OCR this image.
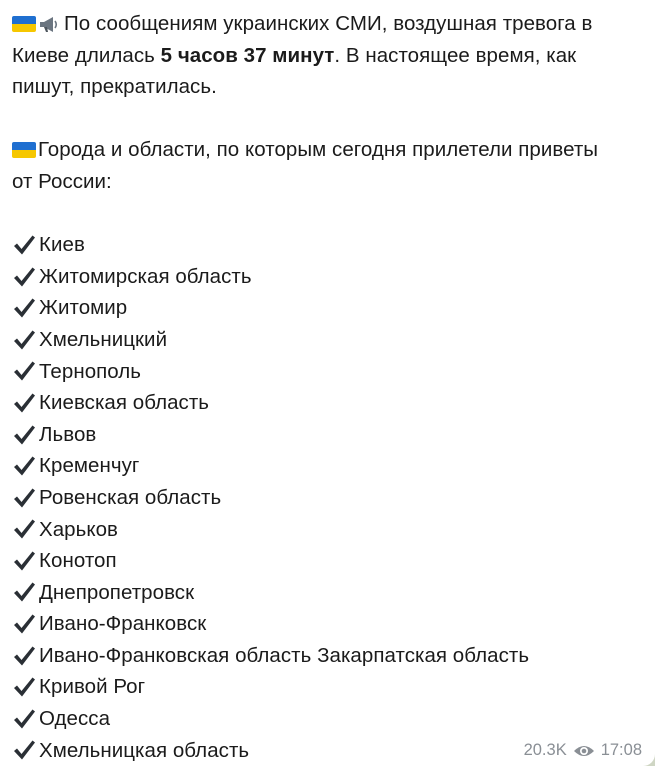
По сообщениям украинских СМИ, воздушная тревога в
Киеве длилась 5 часов 37 минут . В настоящее время, как
пишут, прекратилась.
Города и области, по которым сегодня прилетели приветы
от России:
Киев
Житомирская область
Житомир
Хмельницкий
Тернополь
Киевская область
Львов
Кременчуг
Ровенская область
Харьков
Конотоп
Днепропетровск
Ивано-Франковск
Ивано-Франковская область Закарпатская область
Кривой Рог
Одесса
Хмельницкая область	20.3K 17:08
